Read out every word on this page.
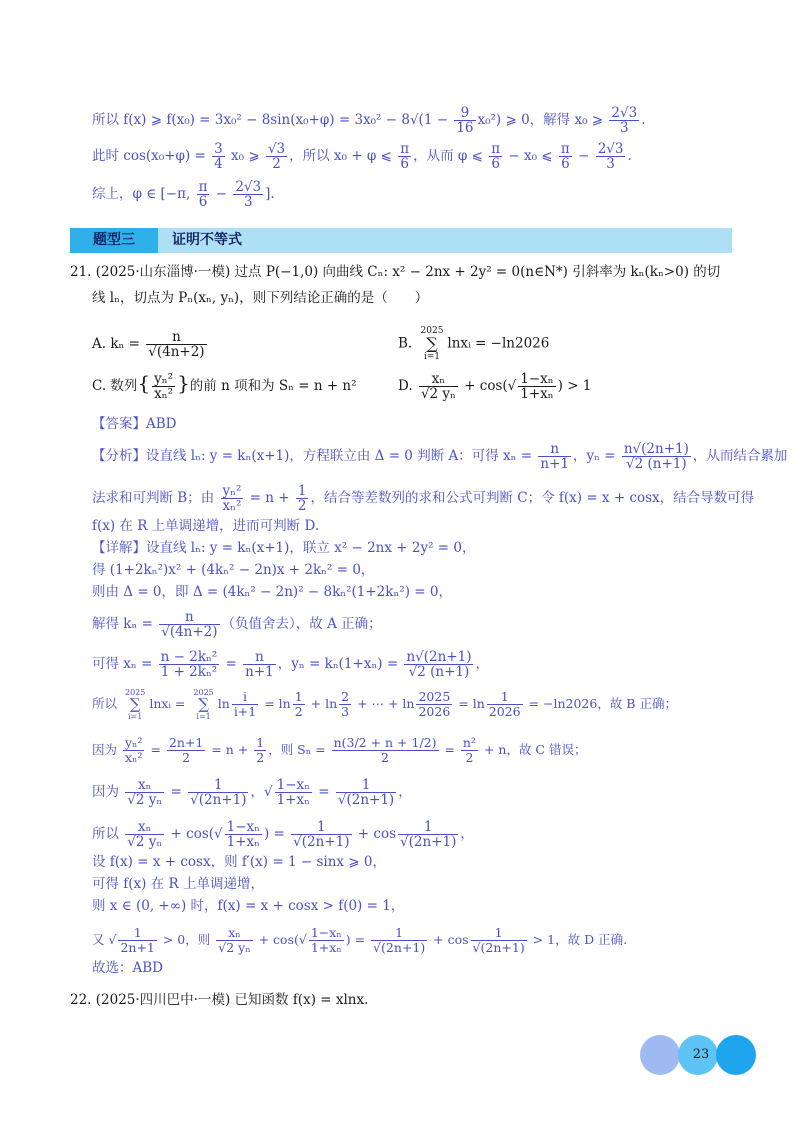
所以 f(x) ⩾ $f(x_0) = 3x_0^2 - 8\sin(x_0+\varphi) = 3x_0^2 - 8√(1 - \frac{9}{16} x_0^2)$ ⩾ 0，解得 x₀ ⩾ $\frac{2√3}{3}$ .
此时 $\cos(x_0+\varphi) = \frac{3}{4} x_0$ ⩾ $\frac{√3}{2}$ ，所以 x₀ + φ ⩽ $\frac{\pi}{6}$ ，从而 φ ⩽ $\frac{\pi}{6} - x_0$ ⩽ $\frac{\pi}{6} - \frac{2√3}{3}$ .
综上，φ ∈ [−π, $\frac{\pi}{6} - \frac{2√3}{3}$ ].
题型三	证明不等式
21. (2025·山东淄博·一模) 过点 P(−1,0) 向曲线 Cₙ: x² − 2nx + 2y² = 0(n∈N*) 引斜率为 kₙ(kₙ>0) 的切
线 lₙ，切点为 Pₙ(xₙ, yₙ)，则下列结论正确的是（　　）
A. $k_n = \frac{n}{√(4n+2)}$	B.
2025
∑
i=1
lnxᵢ = −ln2026
C. 数列{ $\frac{\text{yₙ²}}{\text{xₙ²}}$ }的前 n 项和为 Sₙ = n + n²	D. $\frac{\text{xₙ}}{\text{√2 yₙ}} + \cos(√ \frac{\text{1−xₙ}}{\text{1+xₙ}}$ ) > 1
【答案】ABD
【分析】设直线 lₙ: y = kₙ(x+1)，方程联立由 Δ = 0 判断 A：可得 $x_n = \frac{n}{n+1}$ ，$y_n = \frac{n√(2n+1)}{√2 (n+1)}$ ，从而结合累加
法求和可判断 B；由 $\frac{\text{yₙ²}}{\text{xₙ²}} = n + \frac{1}{2}$ ，结合等差数列的求和公式可判断 C；令 f(x) = x + cosx，结合导数可得
f(x) 在 R 上单调递增，进而可判断 D.
【详解】设直线 lₙ: y = kₙ(x+1)，联立 x² − 2nx + 2y² = 0，
得 (1+2kₙ²)x² + (4kₙ² − 2n)x + 2kₙ² = 0，
则由 Δ = 0，即 Δ = (4kₙ² − 2n)² − 8kₙ²(1+2kₙ²) = 0，
解得 $k_n = \frac{n}{√(4n+2)}$ （负值舍去），故 A 正确；
可得 $x_n = \frac{\text{n − 2kₙ²}}{\text{1 + 2kₙ²}} = \frac{n}{n+1}$ ，$y_n = k_n(1+x_n) = \frac{n√(2n+1)}{√2 (n+1)}$ ，
所以
2025
∑
i=1
lnxᵢ =
2025
∑
i=1
$\ln \frac{i}{i+1} = \ln \frac{1}{2} + \ln \frac{2}{3}$ + ⋯ + $\ln \frac{2025}{2026} = \ln \frac{1}{2026} = -\ln 2026$，故 B 正确；
因为 $\frac{\text{yₙ²}}{\text{xₙ²}} = \frac{2n+1}{2} = n + \frac{1}{2}$ ，则 $S_n = \frac{n(3/2 + n + 1/2)}{2} = \frac{\text{n²}}{2} + n$，故 C 错误；
因为 $\frac{\text{xₙ}}{\text{√2 yₙ}} = \frac{1}{√(2n+1)}$ ，√ $\frac{\text{1−xₙ}}{\text{1+xₙ}} = \frac{1}{√(2n+1)}$ ，
所以 $\frac{\text{xₙ}}{\text{√2 yₙ}} + \cos(√ \frac{\text{1−xₙ}}{\text{1+xₙ}}$ ) = $\frac{1}{√(2n+1)} + \cos \frac{1}{√(2n+1)}$ ，
设 f(x) = x + cosx，则 f′(x) = 1 − sinx ⩾ 0，
可得 f(x) 在 R 上单调递增，
则 x ∈ (0, +∞) 时，f(x) = x + cosx > f(0) = 1，
又 √ $\frac{1}{2n+1} > 0$，则 $\frac{\text{xₙ}}{\text{√2 yₙ}} + \cos(√ \frac{\text{1−xₙ}}{\text{1+xₙ}}$ ) = $\frac{1}{√(2n+1)} + \cos \frac{1}{√(2n+1)} > 1$，故 D 正确.
故选：ABD
22. (2025·四川巴中·一模) 已知函数 f(x) = xlnx.
23
